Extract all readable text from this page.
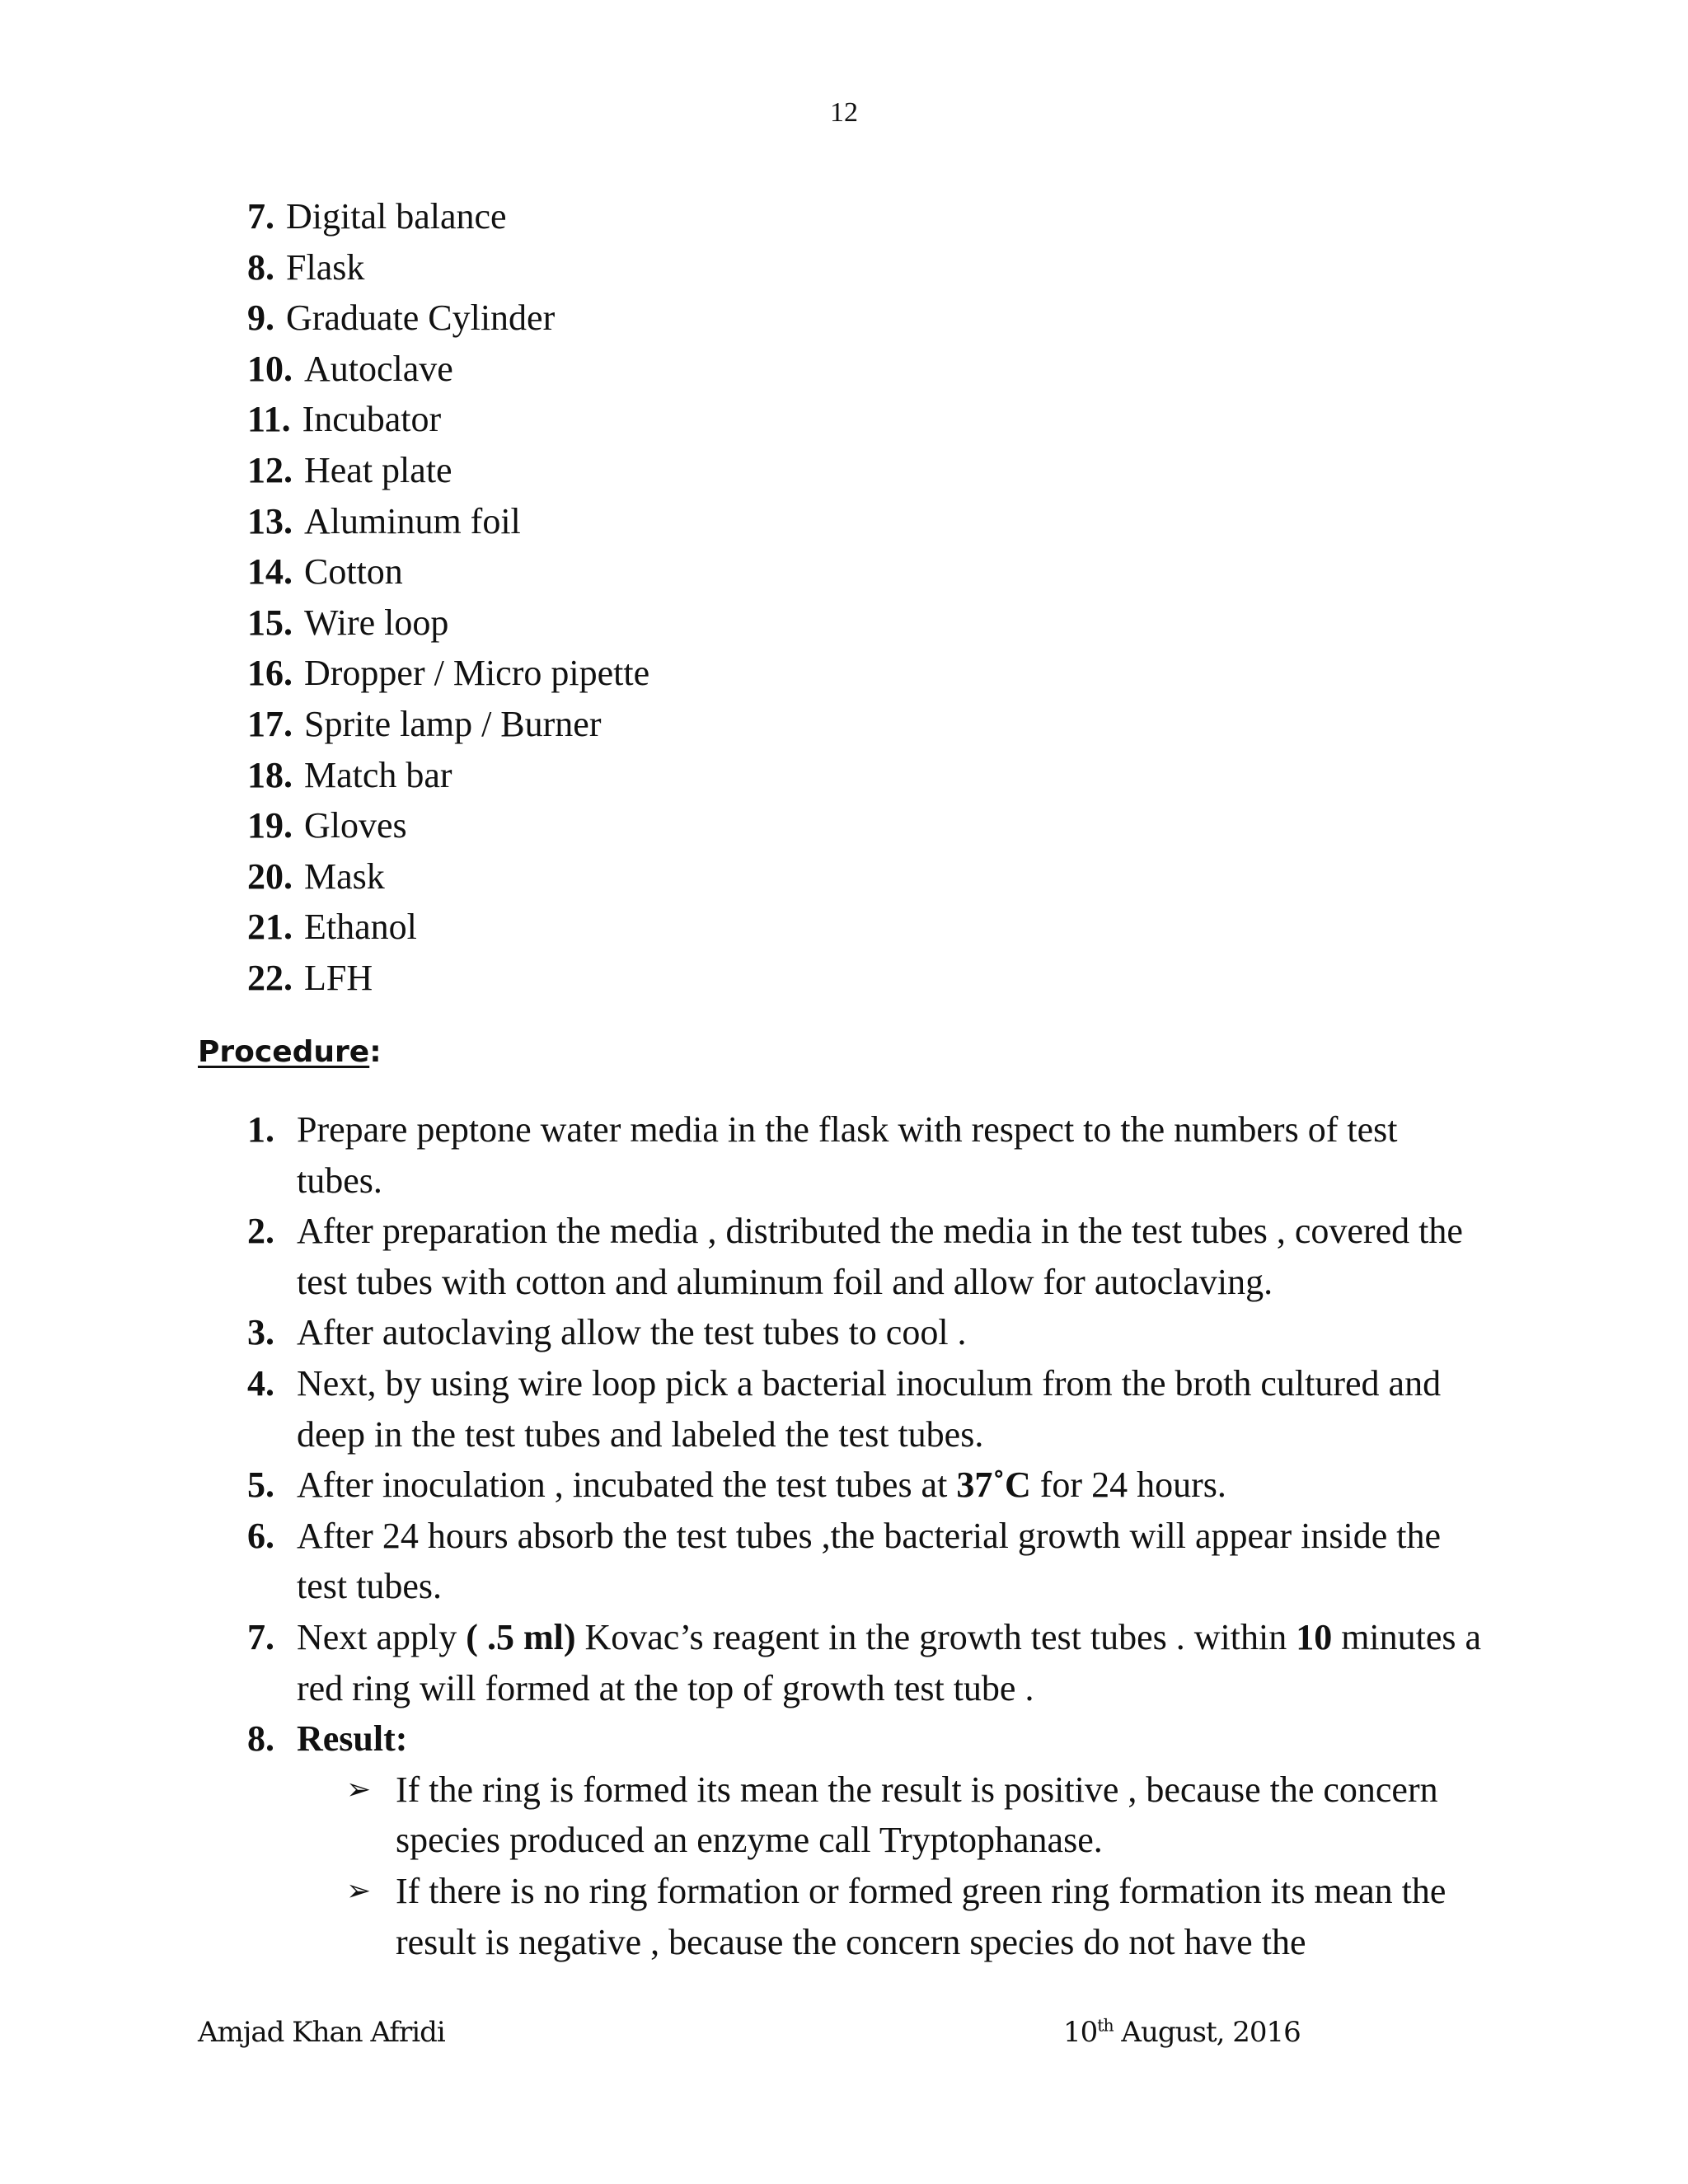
12
7. Digital balance
8. Flask
9. Graduate Cylinder
10. Autoclave
11. Incubator
12. Heat plate
13. Aluminum foil
14. Cotton
15. Wire loop
16. Dropper / Micro pipette
17. Sprite lamp / Burner
18. Match bar
19. Gloves
20. Mask
21. Ethanol
22. LFH
Procedure:
1. Prepare peptone water media in the flask with respect to the numbers of test tubes.
2. After preparation the media , distributed the media in the test tubes , covered the test tubes with cotton and aluminum foil and allow for autoclaving.
3. After autoclaving allow the test tubes to cool .
4. Next, by using wire loop pick a bacterial inoculum from the broth cultured and deep in the test tubes and labeled the test tubes.
5. After inoculation , incubated the test tubes at 37˚C for 24 hours.
6. After 24 hours absorb the test tubes ,the bacterial growth will appear inside the test tubes.
7. Next apply ( .5 ml) Kovac’s reagent in the growth test tubes . within 10 minutes a red ring will formed at the top of growth test tube .
8. Result:
➢ If the ring is formed its mean the result is positive , because the concern species produced an enzyme call Tryptophanase.
➢ If there is no ring formation or formed green ring formation its mean the result is negative , because the concern species do not have the
Amjad Khan Afridi	10th August, 2016
